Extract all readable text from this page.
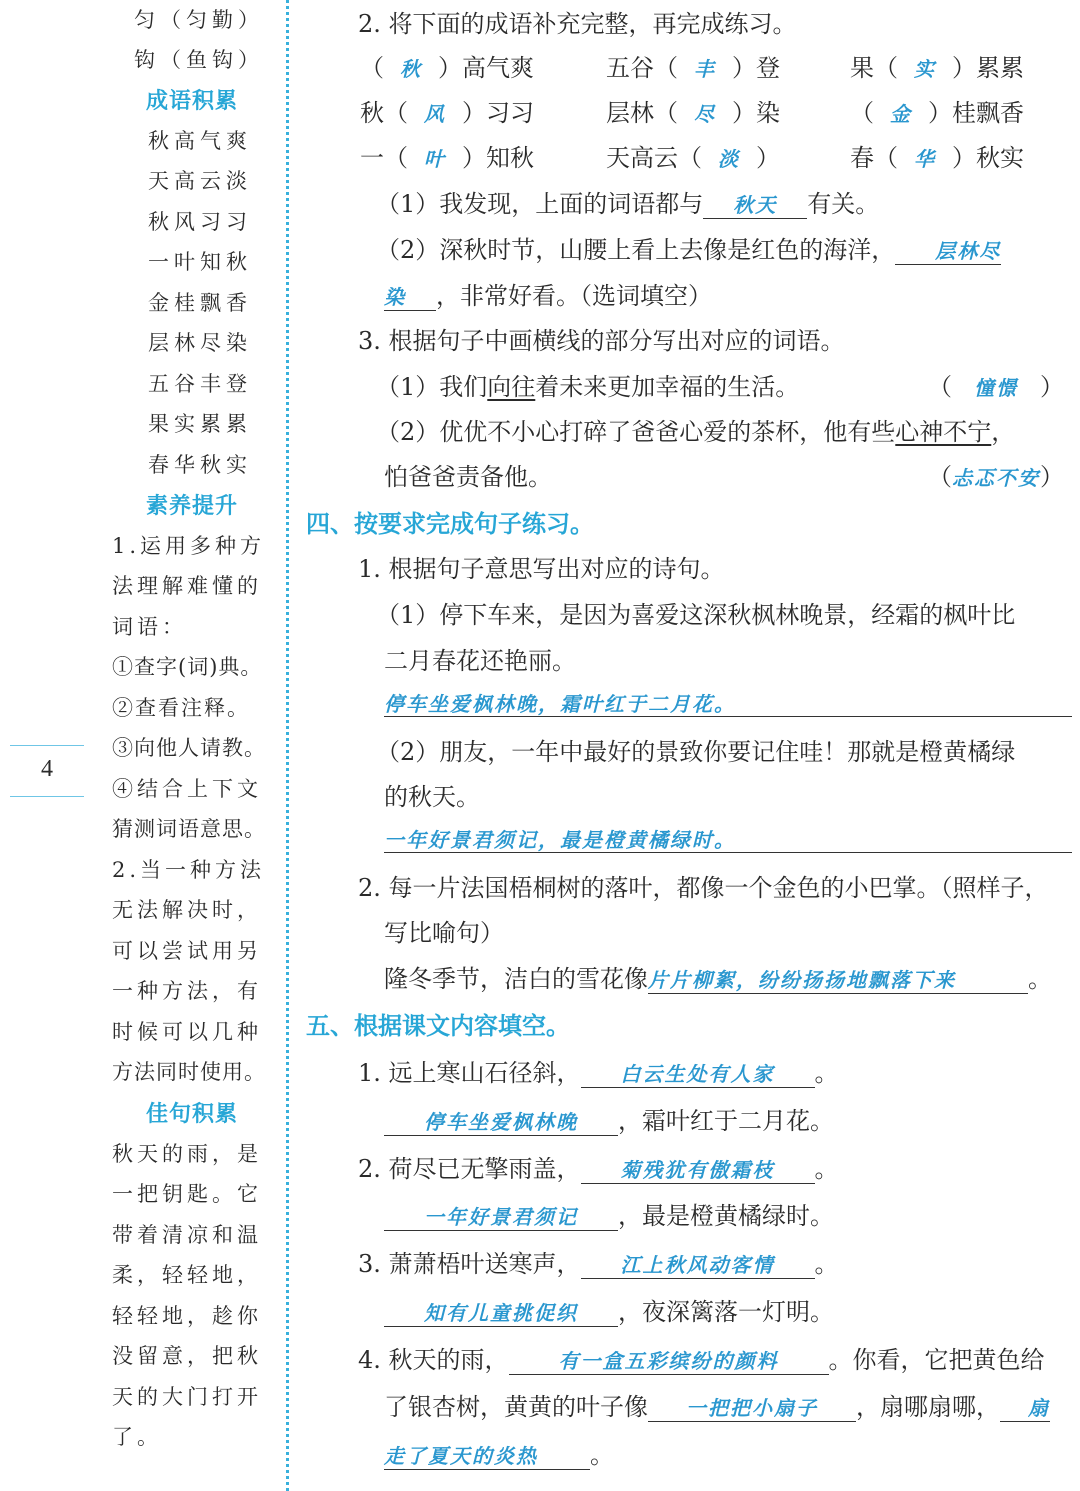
匀（匀勤）
钩（鱼钩）
成语积累
秋高气爽
天高云淡
秋风习习
一叶知秋
金桂飘香
层林尽染
五谷丰登
果实累累
春华秋实
素养提升
1.运用多种方
法理解难懂的
词语：
①查字(词)典。
②查看注释。
③向他人请教。
④结合上下文
猜测词语意思。
2.当一种方法
无法解决时，
可以尝试用另
一种方法，有
时候可以几种
方法同时使用。
佳句积累
秋天的雨，是
一把钥匙。它
带着清凉和温
柔，轻轻地，
轻轻地，趁你
没留意，把秋
天的大门打开
了。
4
2. 将下面的成语补充完整，再完成练习。
（ 秋 ）高气爽	五谷（ 丰 ）登	果（ 实 ）累累
秋（ 风 ）习习	层林（ 尽 ）染	（ 金 ）桂飘香
一（ 叶 ）知秋	天高云（ 淡 ）	春（ 华 ）秋实
（1）我发现，上面的词语都与 秋天 有关。
（2）深秋时节，山腰上看上去像是红色的海洋， 层林尽
染 ，非常好看。（选词填空）
3. 根据句子中画横线的部分写出对应的词语。
（1）我们向往着未来更加幸福的生活。	（ 憧憬 ）
（2）优优不小心打碎了爸爸心爱的茶杯，他有些心神不宁，
怕爸爸责备他。	（忐忑不安）
四、按要求完成句子练习。
1. 根据句子意思写出对应的诗句。
（1）停下车来，是因为喜爱这深秋枫林晚景，经霜的枫叶比
二月春花还艳丽。
停车坐爱枫林晚，霜叶红于二月花。
（2）朋友，一年中最好的景致你要记住哇！那就是橙黄橘绿
的秋天。
一年好景君须记，最是橙黄橘绿时。
2. 每一片法国梧桐树的落叶，都像一个金色的小巴掌。（照样子，
写比喻句）
隆冬季节，洁白的雪花像片片柳絮，纷纷扬扬地飘落下来	。
五、根据课文内容填空。
1. 远上寒山石径斜， 白云生处有人家 。
停车坐爱枫林晚 ，霜叶红于二月花。
2. 荷尽已无擎雨盖， 菊残犹有傲霜枝 。
一年好景君须记 ，最是橙黄橘绿时。
3. 萧萧梧叶送寒声， 江上秋风动客情 。
知有儿童挑促织 ，夜深篱落一灯明。
4. 秋天的雨，	有一盒五彩缤纷的颜料 。你看，它把黄色给
了银杏树，黄黄的叶子像 一把把小扇子 ，扇哪扇哪， 扇
走了夏天的炎热 。
